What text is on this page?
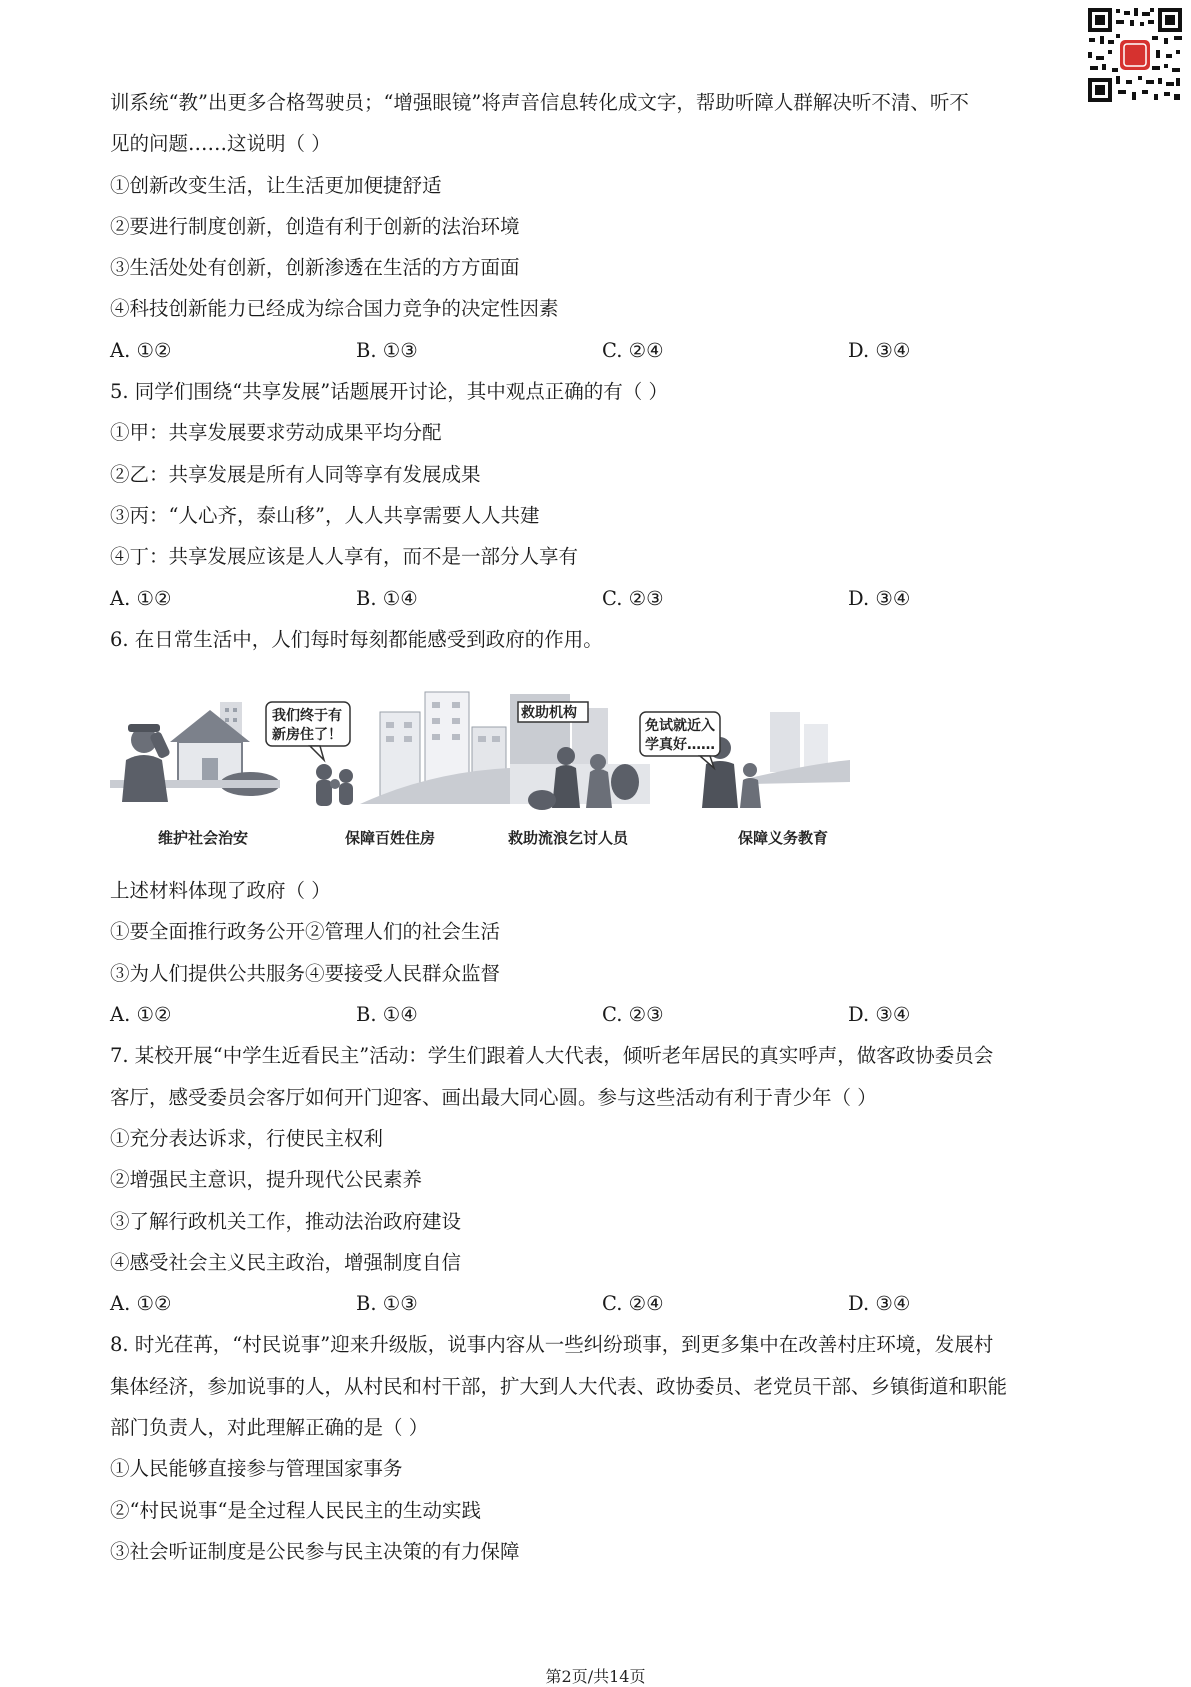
训系统“教”出更多合格驾驶员；“增强眼镜”将声音信息转化成文字，帮助听障人群解决听不清、听不
见的问题……这说明（ ）
①创新改变生活，让生活更加便捷舒适
②要进行制度创新，创造有利于创新的法治环境
③生活处处有创新，创新渗透在生活的方方面面
④科技创新能力已经成为综合国力竞争的决定性因素
A. ①②	B. ①③	C. ②④	D. ③④
5. 同学们围绕“共享发展”话题展开讨论，其中观点正确的有（ ）
①甲：共享发展要求劳动成果平均分配
②乙：共享发展是所有人同等享有发展成果
③丙：“人心齐，泰山移”，人人共享需要人人共建
④丁：共享发展应该是人人享有，而不是一部分人享有
A. ①②	B. ①④	C. ②③	D. ③④
6. 在日常生活中，人们每时每刻都能感受到政府的作用。
我们终于有
新房住了！
救助机构
免试就近入
学真好……
维护社会治安	保障百姓住房	救助流浪乞讨人员	保障义务教育
上述材料体现了政府（ ）
①要全面推行政务公开②管理人们的社会生活
③为人们提供公共服务④要接受人民群众监督
A. ①②	B. ①④	C. ②③	D. ③④
7. 某校开展“中学生近看民主”活动：学生们跟着人大代表，倾听老年居民的真实呼声，做客政协委员会
客厅，感受委员会客厅如何开门迎客、画出最大同心圆。参与这些活动有利于青少年（ ）
①充分表达诉求，行使民主权利
②增强民主意识，提升现代公民素养
③了解行政机关工作，推动法治政府建设
④感受社会主义民主政治，增强制度自信
A. ①②	B. ①③	C. ②④	D. ③④
8. 时光荏苒，“村民说事”迎来升级版，说事内容从一些纠纷琐事，到更多集中在改善村庄环境，发展村
集体经济，参加说事的人，从村民和村干部，扩大到人大代表、政协委员、老党员干部、乡镇街道和职能
部门负责人，对此理解正确的是（ ）
①人民能够直接参与管理国家事务
②“村民说事“是全过程人民民主的生动实践
③社会听证制度是公民参与民主决策的有力保障
第2页/共14页
